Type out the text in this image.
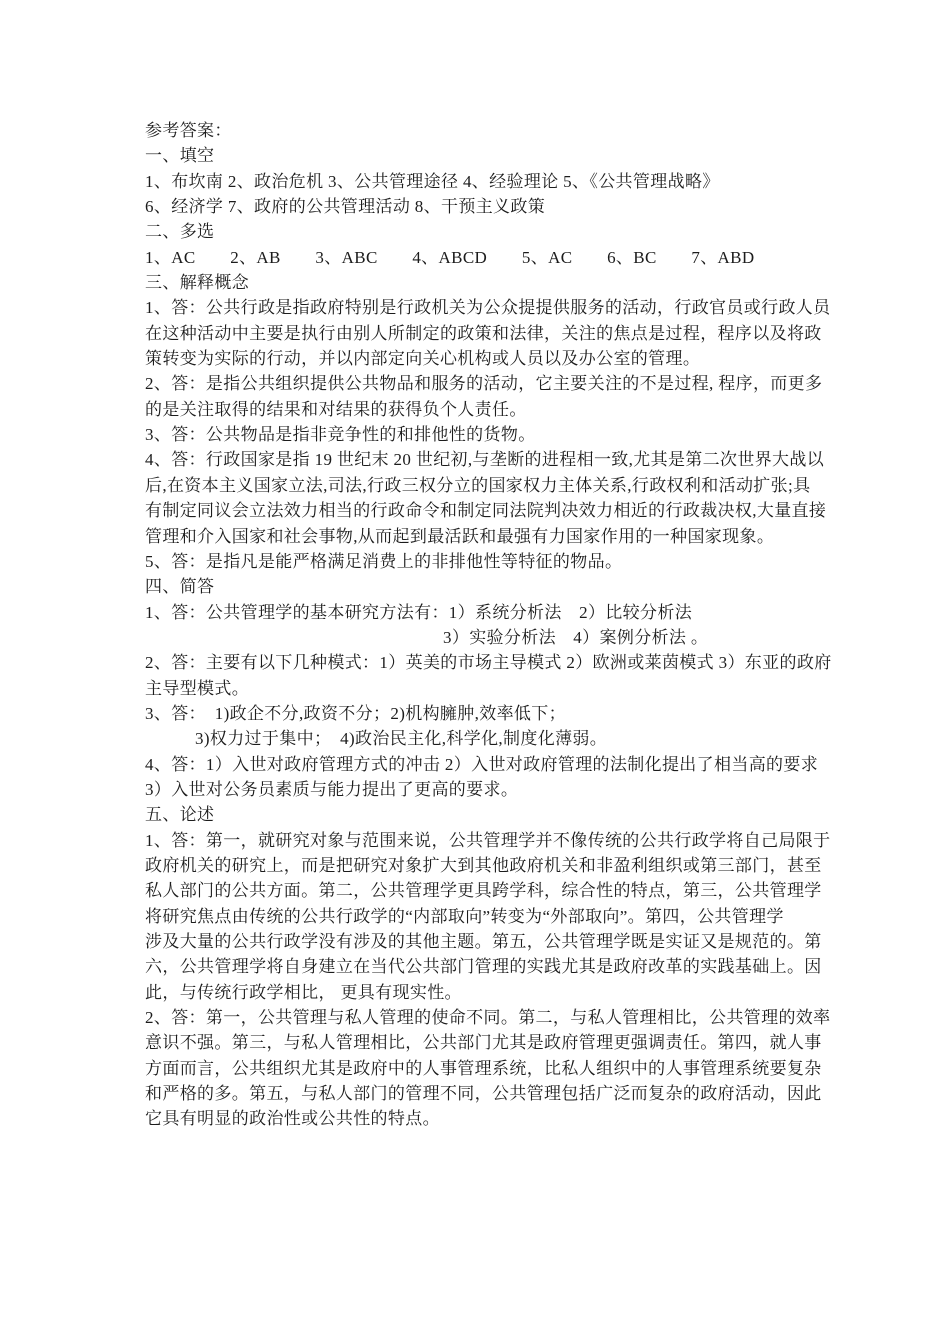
参考答案：
一、填空
1、布坎南 2、政治危机 3、公共管理途径 4、经验理论 5、《公共管理战略》
6、经济学 7、政府的公共管理活动 8、干预主义政策
二、多选
1、AC　　2、AB　　3、ABC　　4、ABCD　　5、AC　　6、BC　　7、ABD
三、解释概念
1、答：公共行政是指政府特别是行政机关为公众提提供服务的活动，行政官员或行政人员
在这种活动中主要是执行由别人所制定的政策和法律，关注的焦点是过程，程序以及将政
策转变为实际的行动，并以内部定向关心机构或人员以及办公室的管理。
2、答：是指公共组织提供公共物品和服务的活动，它主要关注的不是过程, 程序，而更多
的是关注取得的结果和对结果的获得负个人责任。
3、答：公共物品是指非竞争性的和排他性的货物。
4、答：行政国家是指 19 世纪末 20 世纪初,与垄断的进程相一致,尤其是第二次世界大战以
后,在资本主义国家立法,司法,行政三权分立的国家权力主体关系,行政权利和活动扩张;具
有制定同议会立法效力相当的行政命令和制定同法院判决效力相近的行政裁决权,大量直接
管理和介入国家和社会事物,从而起到最活跃和最强有力国家作用的一种国家现象。
5、答：是指凡是能严格满足消费上的非排他性等特征的物品。
四、简答
1、答：公共管理学的基本研究方法有：1）系统分析法　2）比较分析法
3）实验分析法　4）案例分析法 。
2、答：主要有以下几种模式：1）英美的市场主导模式 2）欧洲或莱茵模式 3）东亚的政府
主导型模式。
3、答：　1)政企不分,政资不分；2)机构臃肿,效率低下；
3)权力过于集中；　4)政治民主化,科学化,制度化薄弱。
4、答：1）入世对政府管理方式的冲击 2）入世对政府管理的法制化提出了相当高的要求
3）入世对公务员素质与能力提出了更高的要求。
五、论述
1、答：第一，就研究对象与范围来说，公共管理学并不像传统的公共行政学将自己局限于
政府机关的研究上，而是把研究对象扩大到其他政府机关和非盈利组织或第三部门，甚至
私人部门的公共方面。第二，公共管理学更具跨学科，综合性的特点，第三，公共管理学
将研究焦点由传统的公共行政学的“内部取向”转变为“外部取向”。第四，公共管理学
涉及大量的公共行政学没有涉及的其他主题。第五，公共管理学既是实证又是规范的。第
六，公共管理学将自身建立在当代公共部门管理的实践尤其是政府改革的实践基础上。因
此，与传统行政学相比， 更具有现实性。
2、答：第一，公共管理与私人管理的使命不同。第二，与私人管理相比，公共管理的效率
意识不强。第三，与私人管理相比，公共部门尤其是政府管理更强调责任。第四，就人事
方面而言，公共组织尤其是政府中的人事管理系统，比私人组织中的人事管理系统要复杂
和严格的多。第五，与私人部门的管理不同，公共管理包括广泛而复杂的政府活动，因此
它具有明显的政治性或公共性的特点。
